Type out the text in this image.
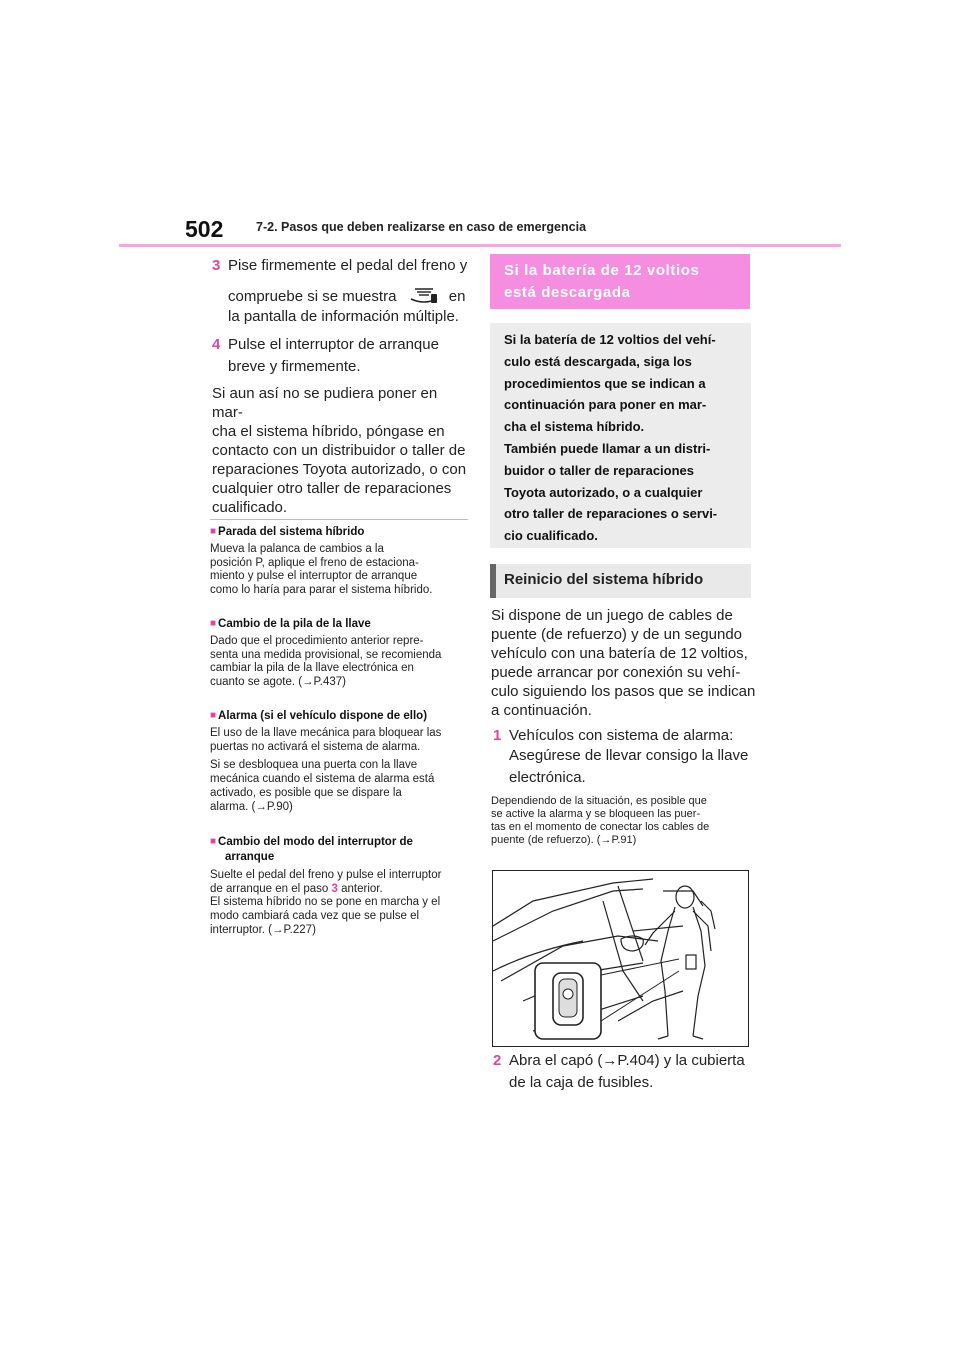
502	7-2. Pasos que deben realizarse en caso de emergencia
3 Pise firmemente el pedal del freno y
compruebe si se muestra	en
la pantalla de información múltiple.
4 Pulse el interruptor de arranque
breve y firmemente.
Si aun así no se pudiera poner en mar-
cha el sistema híbrido, póngase en
contacto con un distribuidor o taller de
reparaciones Toyota autorizado, o con
cualquier otro taller de reparaciones
cualificado.
■ Parada del sistema híbrido
Mueva la palanca de cambios a la
posición P, aplique el freno de estaciona-
miento y pulse el interruptor de arranque
como lo haría para parar el sistema híbrido.
■ Cambio de la pila de la llave
Dado que el procedimiento anterior repre-
senta una medida provisional, se recomienda
cambiar la pila de la llave electrónica en
cuanto se agote. (→P.437)
■ Alarma (si el vehículo dispone de ello)
El uso de la llave mecánica para bloquear las
puertas no activará el sistema de alarma.
Si se desbloquea una puerta con la llave
mecánica cuando el sistema de alarma está
activado, es posible que se dispare la
alarma. (→P.90)
■ Cambio del modo del interruptor de
arranque
Suelte el pedal del freno y pulse el interruptor
de arranque en el paso 3 anterior.
El sistema híbrido no se pone en marcha y el
modo cambiará cada vez que se pulse el
interruptor. (→P.227)
Si la batería de 12 voltios
está descargada
Si la batería de 12 voltios del vehí-
culo está descargada, siga los
procedimientos que se indican a
continuación para poner en mar-
cha el sistema híbrido.
También puede llamar a un distri-
buidor o taller de reparaciones
Toyota autorizado, o a cualquier
otro taller de reparaciones o servi-
cio cualificado.
Reinicio del sistema híbrido
Si dispone de un juego de cables de
puente (de refuerzo) y de un segundo
vehículo con una batería de 12 voltios,
puede arrancar por conexión su vehí-
culo siguiendo los pasos que se indican
a continuación.
1 Vehículos con sistema de alarma:
Asegúrese de llevar consigo la llave
electrónica.
Dependiendo de la situación, es posible que
se active la alarma y se bloqueen las puer-
tas en el momento de conectar los cables de
puente (de refuerzo). (→P.91)
2 Abra el capó (→P.404) y la cubierta
de la caja de fusibles.
